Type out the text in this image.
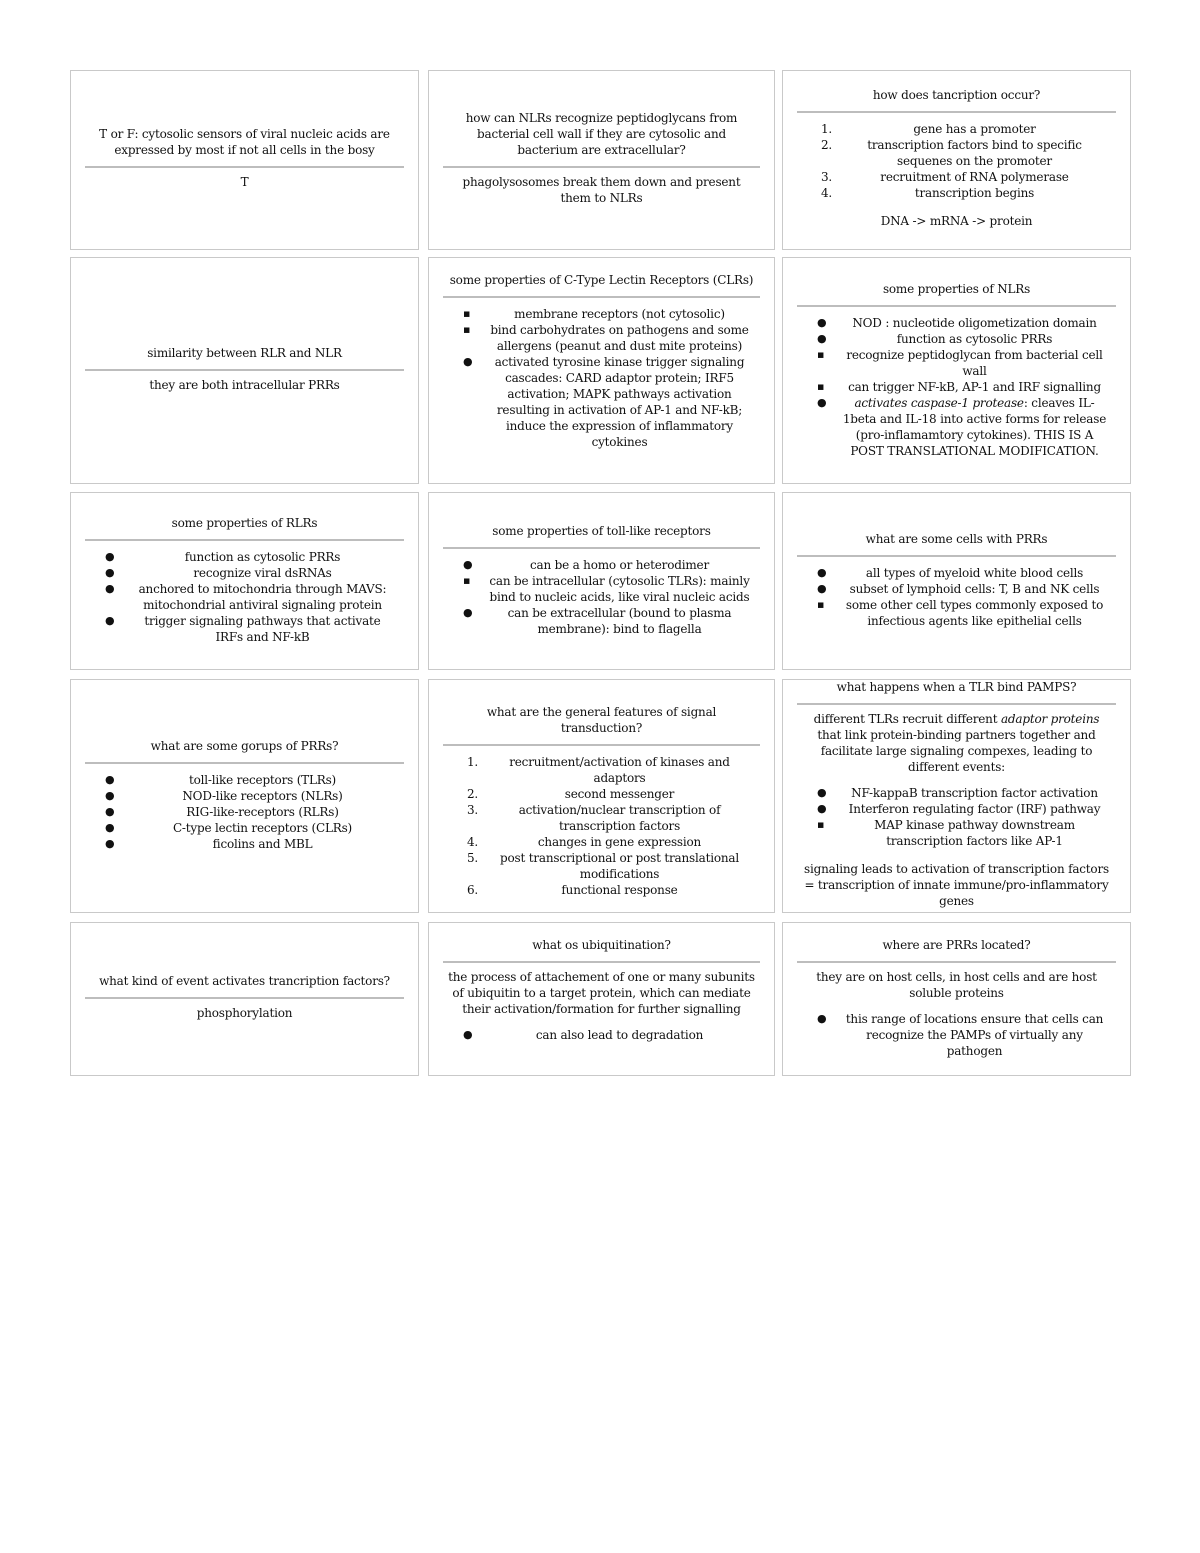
T or F: cytosolic sensors of viral nucleic acids are expressed by most if not all cells in the bosy

T

how can NLRs recognize peptidoglycans from bacterial cell wall if they are cytosolic and bacterium are extracellular?

phagolysosomes break them down and present them to NLRs

how does tancription occur?
1.	gene has a promoter
2.	transcription factors bind to specific sequenes on the promoter
3.	recruitment of RNA polymerase
4.	transcription begins

DNA -> mRNA -> protein

similarity between RLR and NLR

they are both intracellular PRRs

some properties of C-Type Lectin Receptors (CLRs)
▪	membrane receptors (not cytosolic)
▪	bind carbohydrates on pathogens and some allergens (peanut and dust mite proteins)
●	activated tyrosine kinase trigger signaling cascades: CARD adaptor protein; IRF5 activation; MAPK pathways activation resulting in activation of AP-1 and NF-kB; induce the expression of inflammatory cytokines
some properties of NLRs
●	NOD : nucleotide oligometization domain
●	function as cytosolic PRRs
▪	recognize peptidoglycan from bacterial cell wall
▪	can trigger NF-kB, AP-1 and IRF signalling
●	activates caspase-1 protease: cleaves IL-1beta and IL-18 into active forms for release (pro-inflamamtory cytokines). THIS IS A POST TRANSLATIONAL MODIFICATION.
some properties of RLRs
●	function as cytosolic PRRs
●	recognize viral dsRNAs
●	anchored to mitochondria through MAVS: mitochondrial antiviral signaling protein
●	trigger signaling pathways that activate IRFs and NF-kB
some properties of toll-like receptors
●	can be a homo or heterodimer
▪	can be intracellular (cytosolic TLRs): mainly bind to nucleic acids, like viral nucleic acids
●	can be extracellular (bound to plasma membrane): bind to flagella
what are some cells with PRRs
●	all types of myeloid white blood cells
●	subset of lymphoid cells: T, B and NK cells
▪	some other cell types commonly exposed to infectious agents like epithelial cells
what are some gorups of PRRs?
●	toll-like receptors (TLRs)
●	NOD-like receptors (NLRs)
●	RIG-like-receptors (RLRs)
●	C-type lectin receptors (CLRs)
●	ficolins and MBL
what are the general features of signal transduction?
1.	recruitment/activation of kinases and adaptors
2.	second messenger
3.	activation/nuclear transcription of transcription factors
4.	changes in gene expression
5.	post transcriptional or post translational modifications
6.	functional response
what happens when a TLR bind PAMPS?

different TLRs recruit different adaptor proteins that link protein-binding partners together and facilitate large signaling compexes, leading to different events:

●	NF-kappaB transcription factor activation
●	Interferon regulating factor (IRF) pathway
▪	MAP kinase pathway downstream transcription factors like AP-1

signaling leads to activation of transcription factors = transcription of innate immune/pro-inflammatory genes

what kind of event activates trancription factors?

phosphorylation

what os ubiquitination?

the process of attachement of one or many subunits of ubiquitin to a target protein, which can mediate their activation/formation for further signalling

●	can also lead to degradation
where are PRRs located?

they are on host cells, in host cells and are host soluble proteins

●	this range of locations ensure that cells can recognize the PAMPs of virtually any pathogen
